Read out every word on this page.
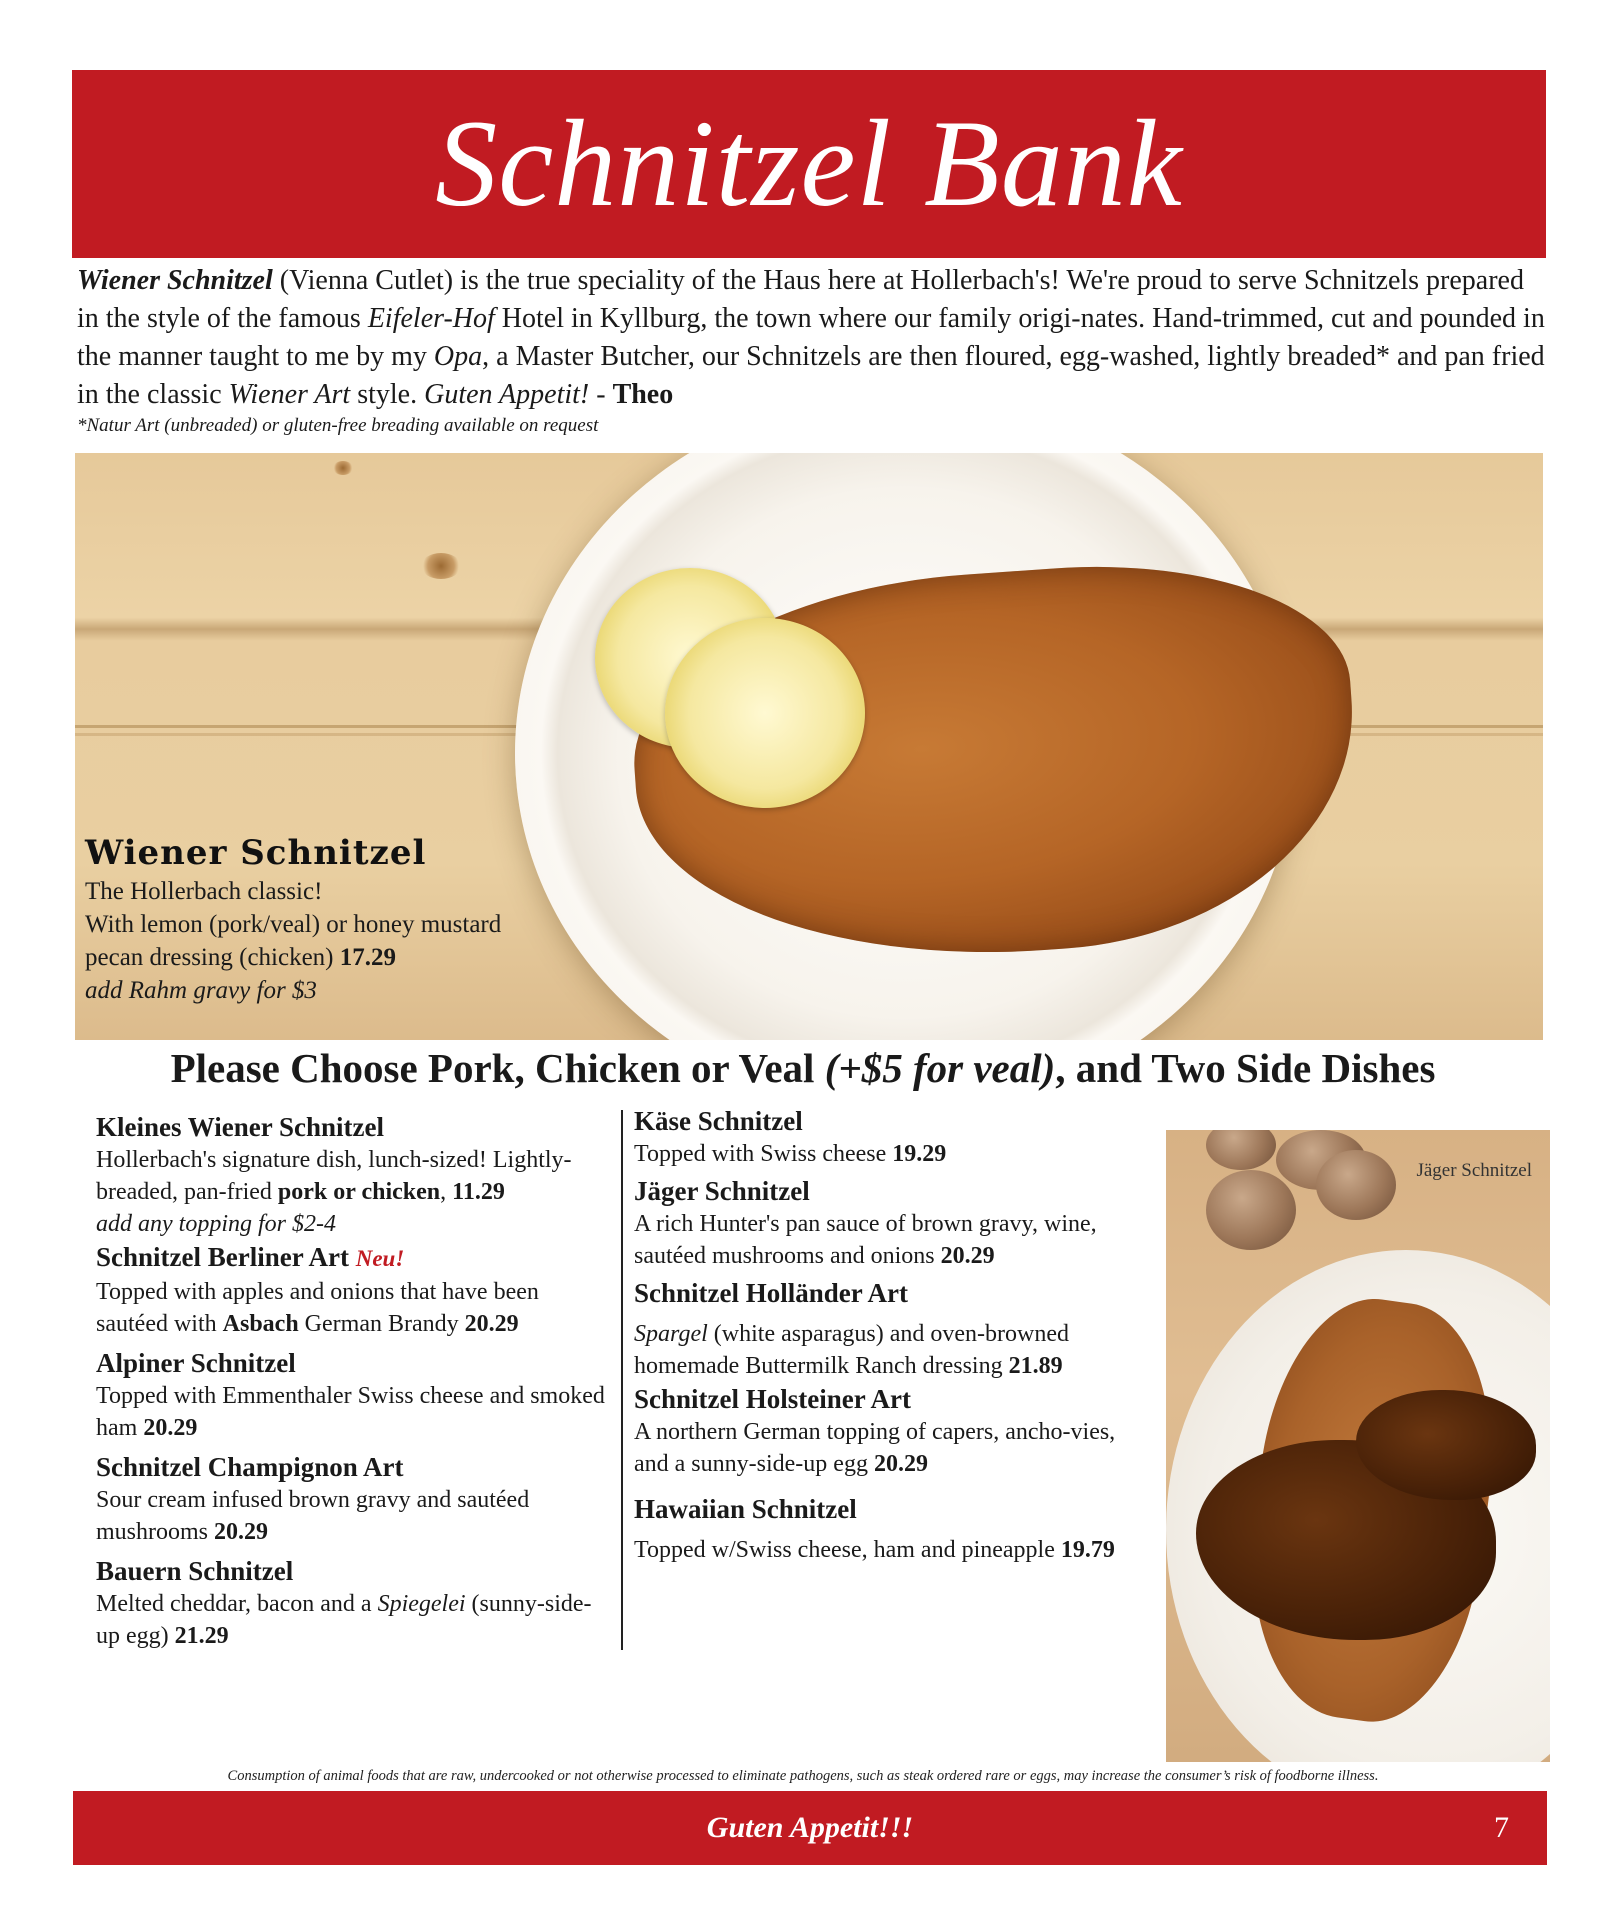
Schnitzel Bank
Wiener Schnitzel (Vienna Cutlet) is the true speciality of the Haus here at Hollerbach's! We're proud to serve Schnitzels prepared in the style of the famous Eifeler-Hof Hotel in Kyllburg, the town where our family origi-nates. Hand-trimmed, cut and pounded in the manner taught to me by my Opa, a Master Butcher, our Schnitzels are then floured, egg-washed, lightly breaded* and pan fried in the classic Wiener Art style. Guten Appetit! - Theo
*Natur Art (unbreaded) or gluten-free breading available on request
Wiener Schnitzel
The Hollerbach classic!
With lemon (pork/veal) or honey mustard pecan dressing (chicken) 17.29
add Rahm gravy for $3
Please Choose Pork, Chicken or Veal (+$5 for veal), and Two Side Dishes
Kleines Wiener Schnitzel
Hollerbach's signature dish, lunch-sized! Lightly-breaded, pan-fried pork or chicken, 11.29
add any topping for $2-4
Schnitzel Berliner Art Neu!
Topped with apples and onions that have been sautéed with Asbach German Brandy 20.29
Alpiner Schnitzel
Topped with Emmenthaler Swiss cheese and smoked ham 20.29
Schnitzel Champignon Art
Sour cream infused brown gravy and sautéed mushrooms 20.29
Bauern Schnitzel
Melted cheddar, bacon and a Spiegelei (sunny-side-up egg) 21.29
Käse Schnitzel
Topped with Swiss cheese 19.29
Jäger Schnitzel
A rich Hunter's pan sauce of brown gravy, wine, sautéed mushrooms and onions 20.29
Schnitzel Holländer Art
Spargel (white asparagus) and oven-browned homemade Buttermilk Ranch dressing 21.89
Schnitzel Holsteiner Art
A northern German topping of capers, ancho-vies, and a sunny-side-up egg 20.29
Hawaiian Schnitzel
Topped w/Swiss cheese, ham and pineapple 19.79
Jäger Schnitzel
Consumption of animal foods that are raw, undercooked or not otherwise processed to eliminate pathogens, such as steak ordered rare or eggs, may increase the consumer’s risk of foodborne illness.
Guten Appetit!!!	7
